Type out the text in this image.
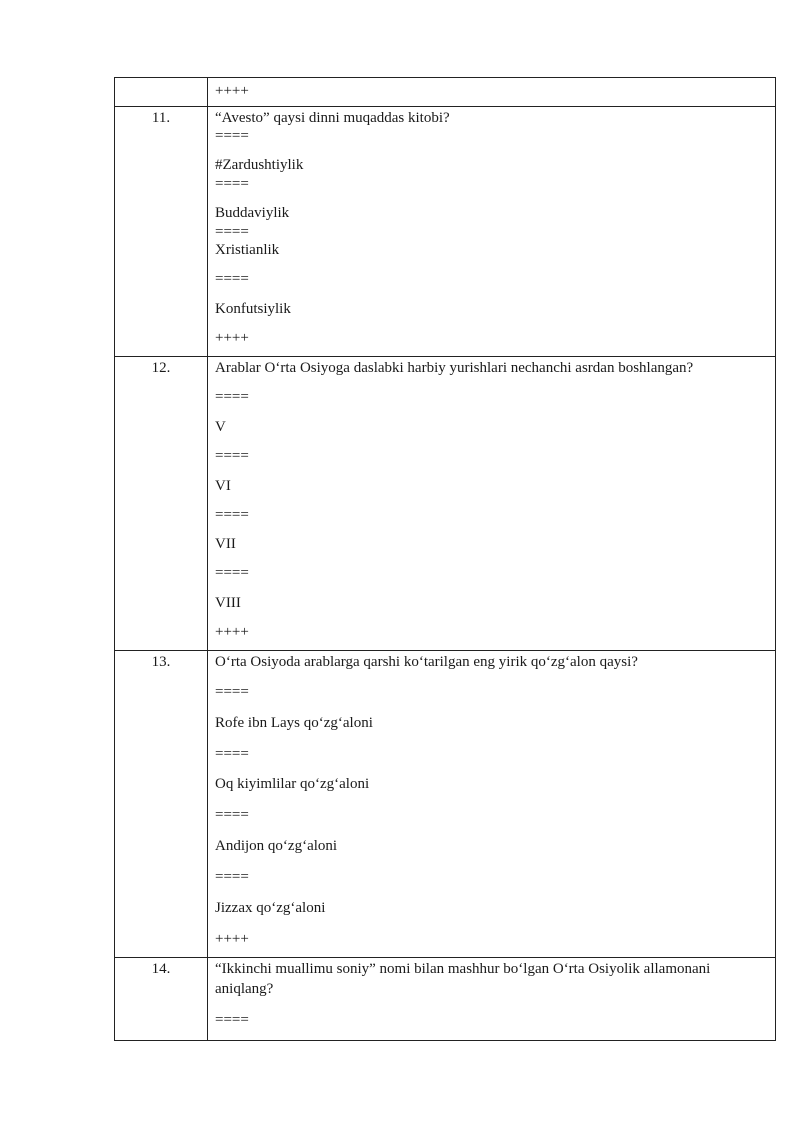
++++
11.	“Avesto” qaysi dinni muqaddas kitobi?
====
#Zardushtiylik
====
Buddaviylik
====
Xristianlik
====
Konfutsiylik
++++
12.	Arablar O‘rta Osiyoga daslabki harbiy yurishlari nechanchi asrdan boshlangan?
====
V
====
VI
====
VII
====
VIII
++++
13.	O‘rta Osiyoda arablarga qarshi ko‘tarilgan eng yirik qo‘zg‘alon qaysi?
====
Rofe ibn Lays qo‘zg‘aloni
====
Oq kiyimlilar qo‘zg‘aloni
====
Andijon qo‘zg‘aloni
====
Jizzax qo‘zg‘aloni
++++
14.	“Ikkinchi muallimu soniy” nomi bilan mashhur bo‘lgan O‘rta Osiyolik allamonani aniqlang?
====
